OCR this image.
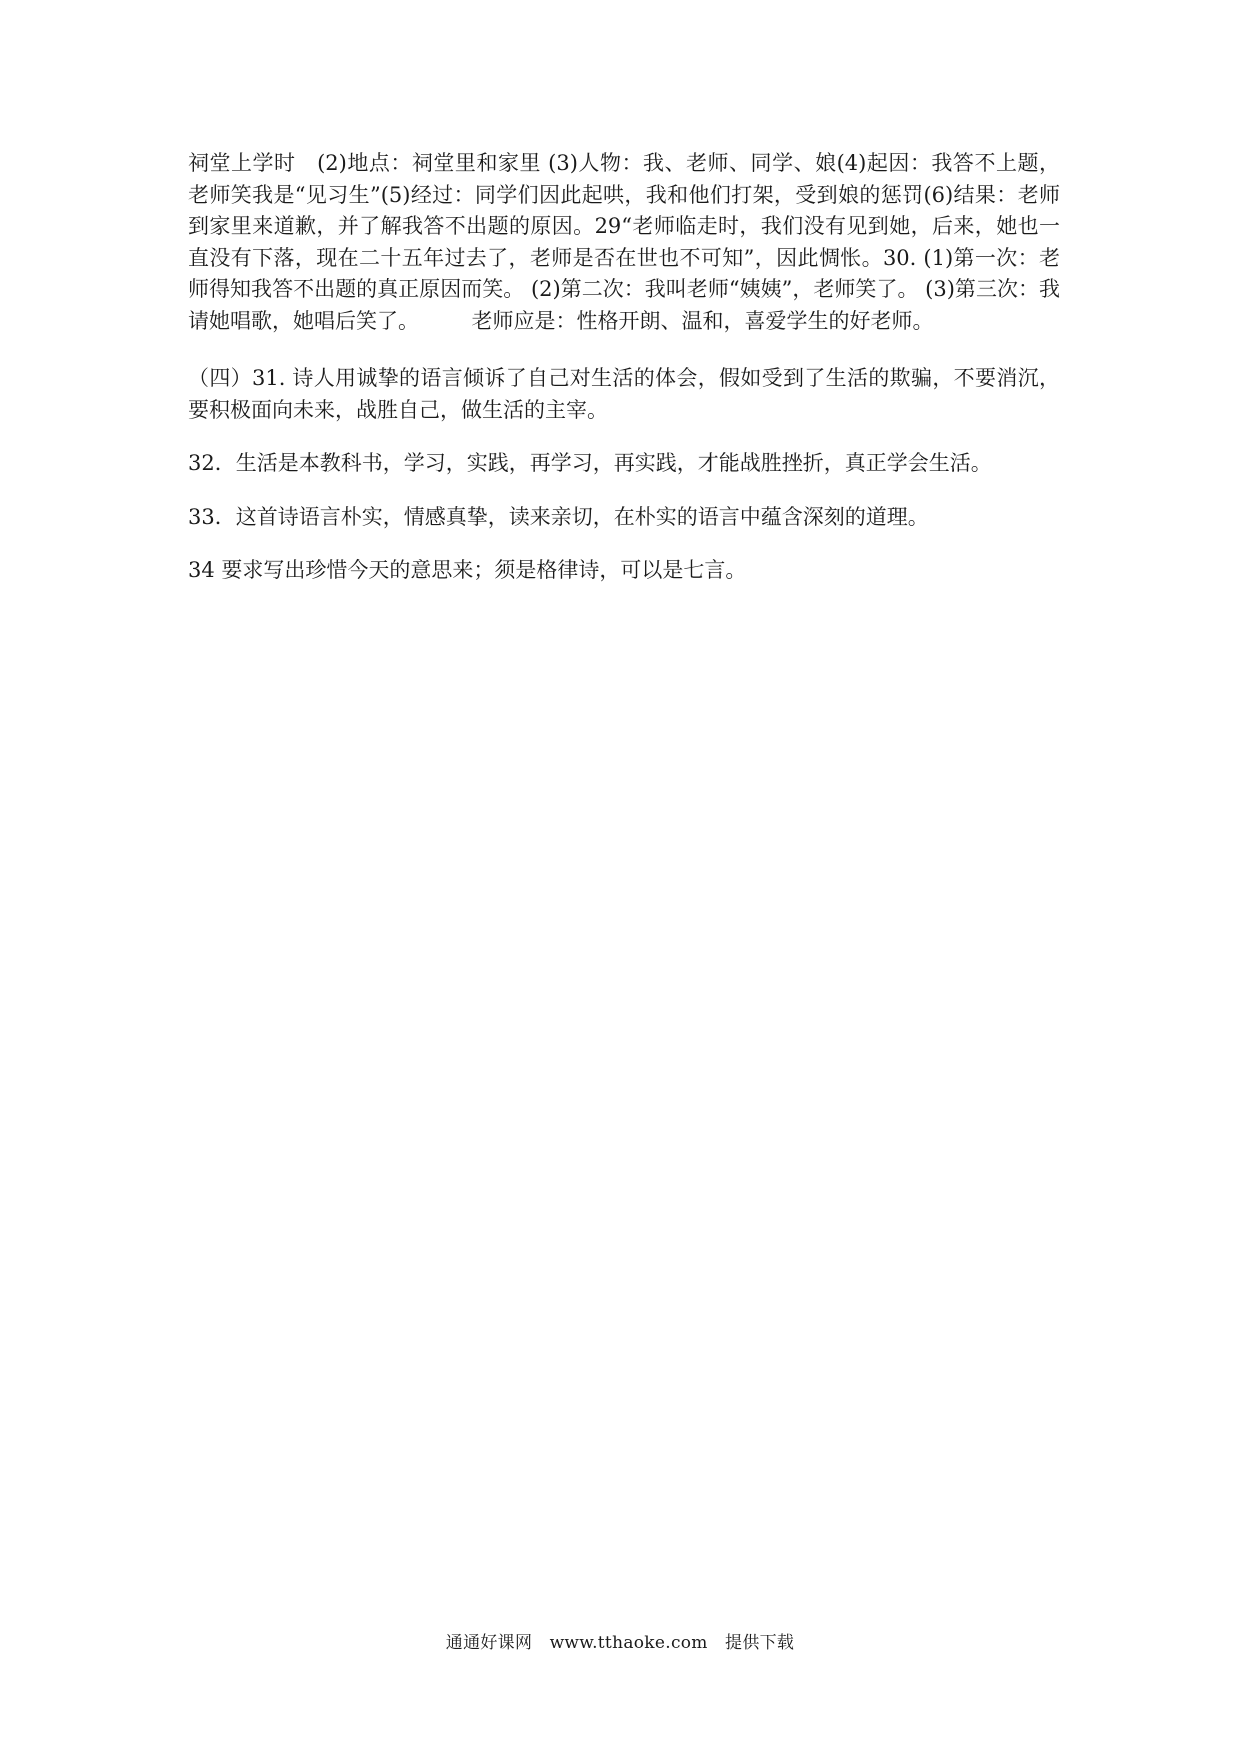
祠堂上学时　(2)地点：祠堂里和家里 (3)人物：我、老师、同学、娘(4)起因：我答不上题，老师笑我是“见习生”(5)经过：同学们因此起哄，我和他们打架，受到娘的惩罚(6)结果：老师到家里来道歉，并了解我答不出题的原因。29“老师临走时，我们没有见到她，后来，她也一直没有下落，现在二十五年过去了，老师是否在世也不可知”，因此惆怅。30. (1)第一次：老师得知我答不出题的真正原因而笑。 (2)第二次：我叫老师“姨姨”，老师笑了。 (3)第三次：我请她唱歌，她唱后笑了。　　　老师应是：性格开朗、温和，喜爱学生的好老师。

（四）31. 诗人用诚挚的语言倾诉了自己对生活的体会，假如受到了生活的欺骗，不要消沉，要积极面向未来，战胜自己，做生活的主宰。

32．生活是本教科书，学习，实践，再学习，再实践，才能战胜挫折，真正学会生活。

33．这首诗语言朴实，情感真挚，读来亲切，在朴实的语言中蕴含深刻的道理。

34 要求写出珍惜今天的意思来；须是格律诗，可以是七言。

通通好课网　www.tthaoke.com　提供下载
